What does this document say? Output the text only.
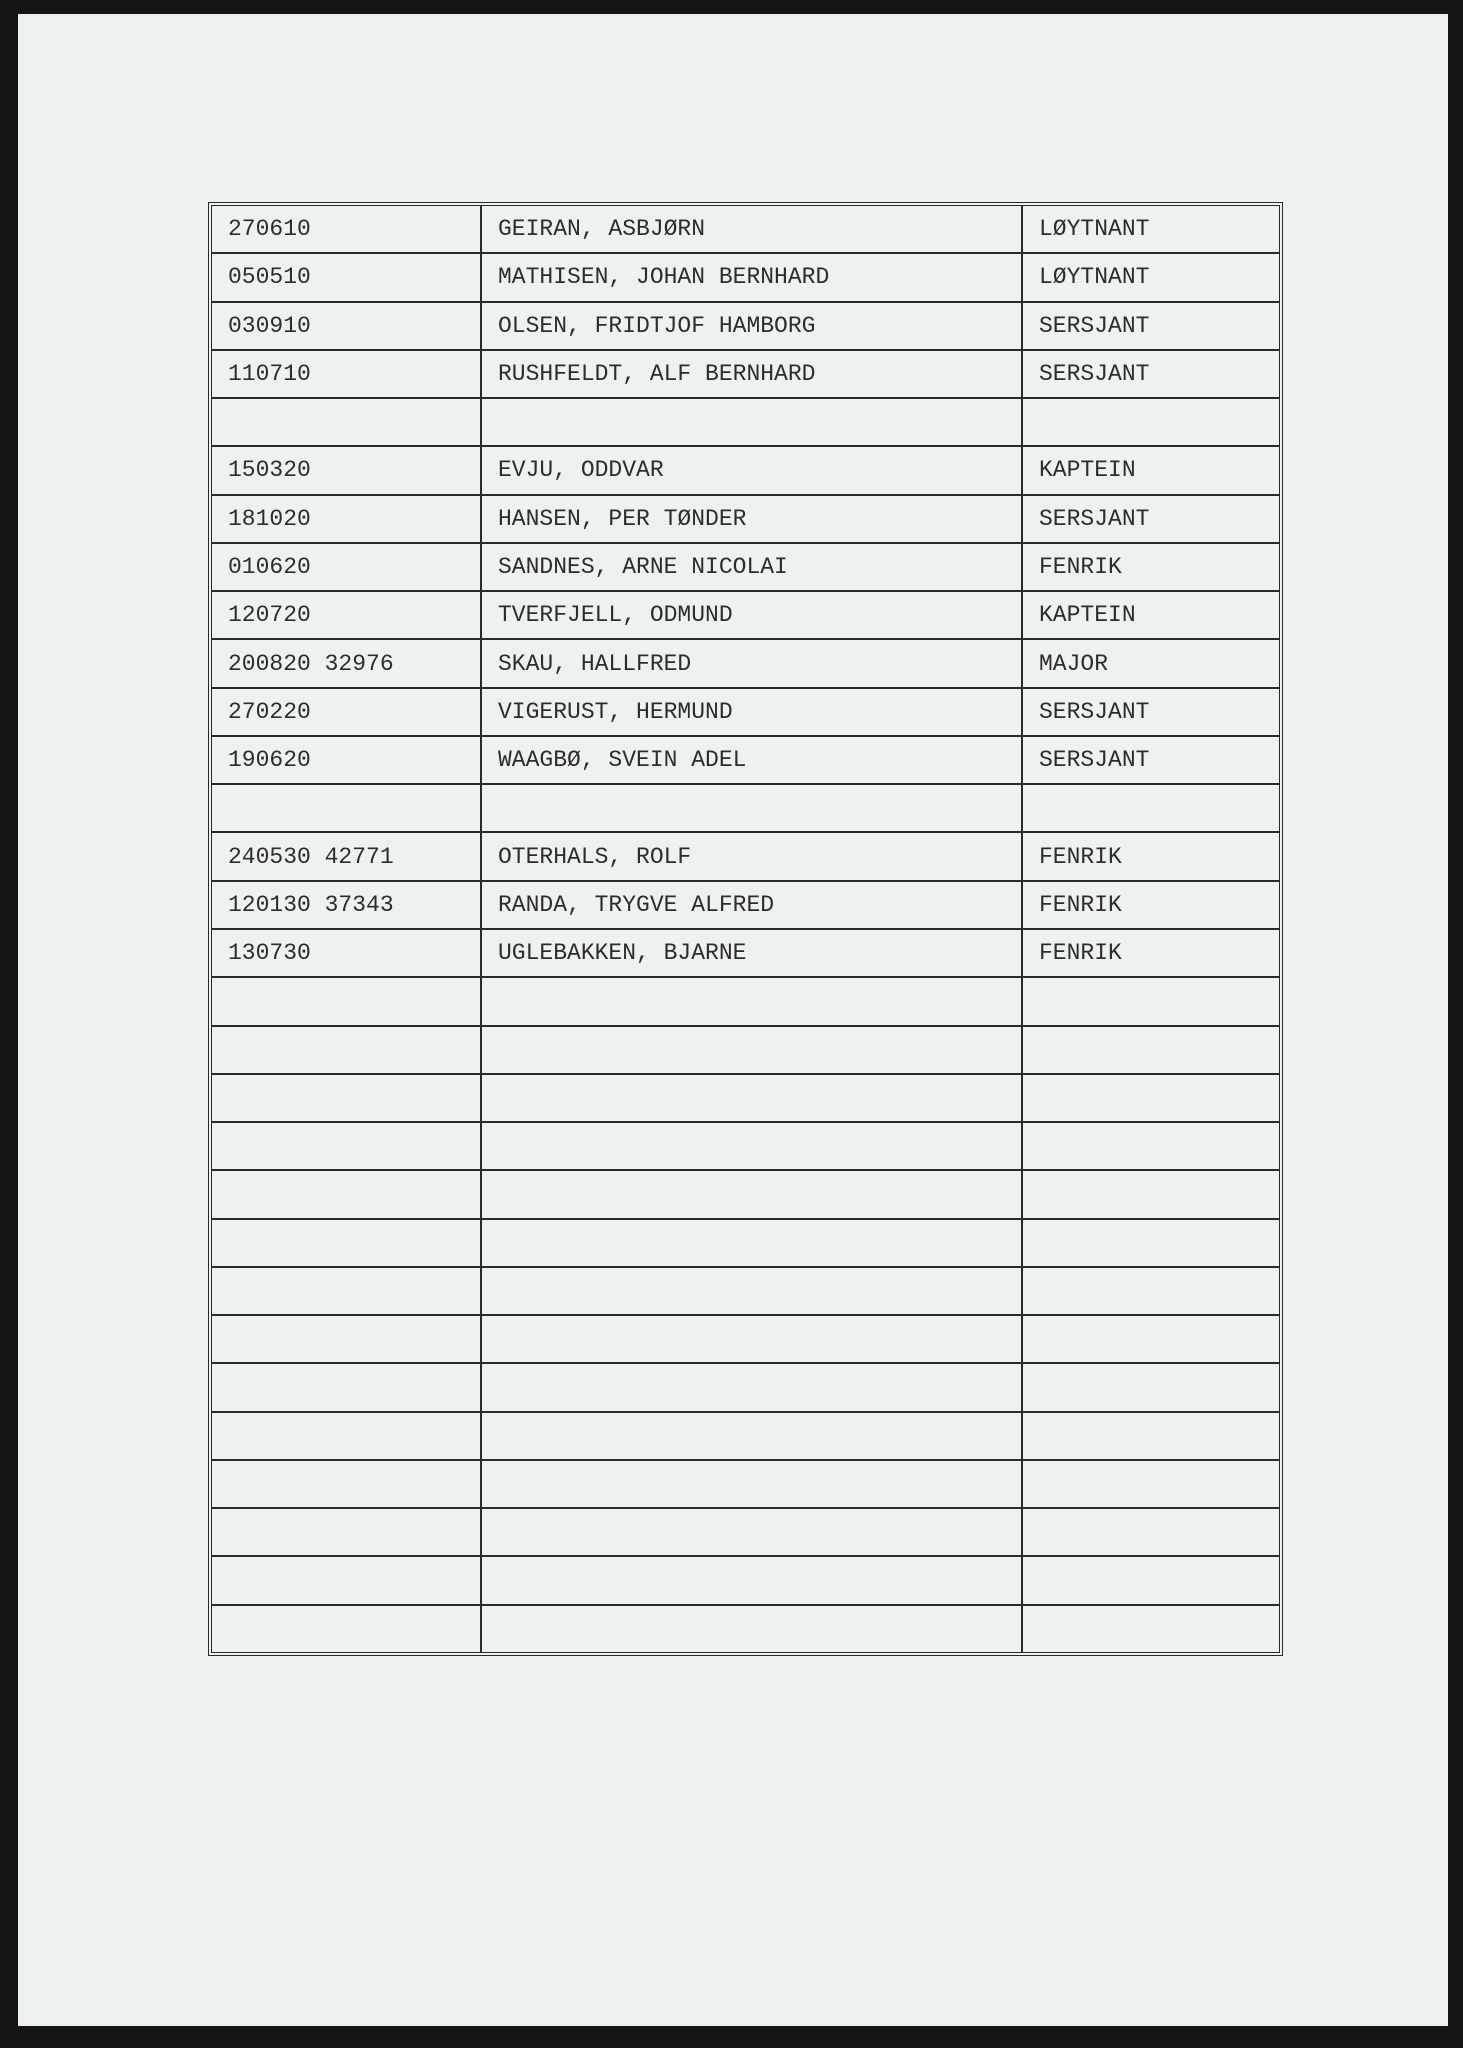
270610	GEIRAN, ASBJØRN	LØYTNANT
050510	MATHISEN, JOHAN BERNHARD	LØYTNANT
030910	OLSEN, FRIDTJOF HAMBORG	SERSJANT
110710	RUSHFELDT, ALF BERNHARD	SERSJANT
150320	EVJU, ODDVAR	KAPTEIN
181020	HANSEN, PER TØNDER	SERSJANT
010620	SANDNES, ARNE NICOLAI	FENRIK
120720	TVERFJELL, ODMUND	KAPTEIN
200820 32976	SKAU, HALLFRED	MAJOR
270220	VIGERUST, HERMUND	SERSJANT
190620	WAAGBØ, SVEIN ADEL	SERSJANT
240530 42771	OTERHALS, ROLF	FENRIK
120130 37343	RANDA, TRYGVE ALFRED	FENRIK
130730	UGLEBAKKEN, BJARNE	FENRIK
